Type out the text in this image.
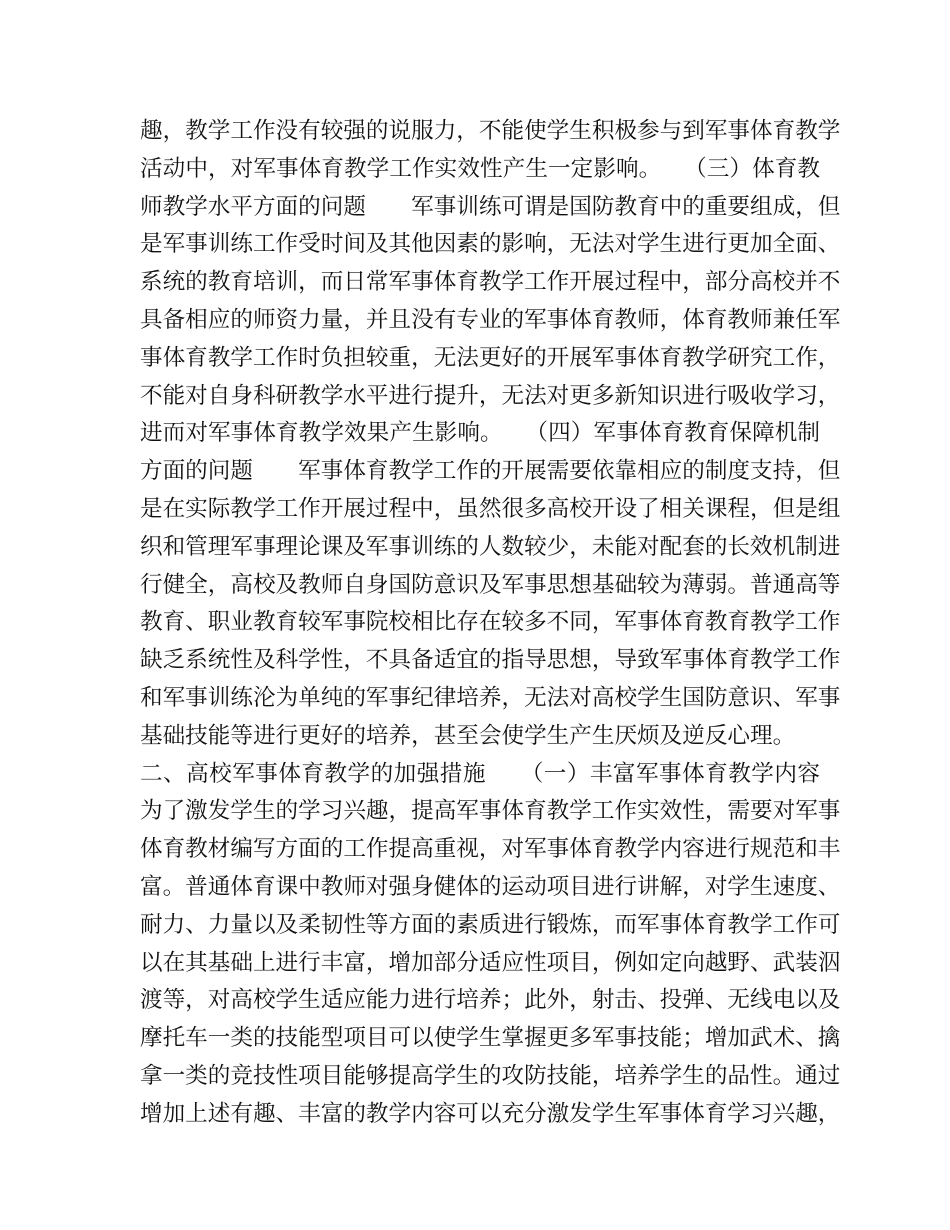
趣，教学工作没有较强的说服力，不能使学生积极参与到军事体育教学
活动中，对军事体育教学工作实效性产生一定影响。　　（三）体育教
师教学水平方面的问题　　军事训练可谓是国防教育中的重要组成，但
是军事训练工作受时间及其他因素的影响，无法对学生进行更加全面、
系统的教育培训，而日常军事体育教学工作开展过程中，部分高校并不
具备相应的师资力量，并且没有专业的军事体育教师，体育教师兼任军
事体育教学工作时负担较重，无法更好的开展军事体育教学研究工作，
不能对自身科研教学水平进行提升，无法对更多新知识进行吸收学习，
进而对军事体育教学效果产生影响。　　（四）军事体育教育保障机制
方面的问题　　军事体育教学工作的开展需要依靠相应的制度支持，但
是在实际教学工作开展过程中，虽然很多高校开设了相关课程，但是组
织和管理军事理论课及军事训练的人数较少，未能对配套的长效机制进
行健全，高校及教师自身国防意识及军事思想基础较为薄弱。普通高等
教育、职业教育较军事院校相比存在较多不同，军事体育教育教学工作
缺乏系统性及科学性，不具备适宜的指导思想，导致军事体育教学工作
和军事训练沦为单纯的军事纪律培养，无法对高校学生国防意识、军事
基础技能等进行更好的培养，甚至会使学生产生厌烦及逆反心理。
二、高校军事体育教学的加强措施　　（一）丰富军事体育教学内容
为了激发学生的学习兴趣，提高军事体育教学工作实效性，需要对军事
体育教材编写方面的工作提高重视，对军事体育教学内容进行规范和丰
富。普通体育课中教师对强身健体的运动项目进行讲解，对学生速度、
耐力、力量以及柔韧性等方面的素质进行锻炼，而军事体育教学工作可
以在其基础上进行丰富，增加部分适应性项目，例如定向越野、武装泅
渡等，对高校学生适应能力进行培养；此外，射击、投弹、无线电以及
摩托车一类的技能型项目可以使学生掌握更多军事技能；增加武术、擒
拿一类的竞技性项目能够提高学生的攻防技能，培养学生的品性。通过
增加上述有趣、丰富的教学内容可以充分激发学生军事体育学习兴趣，
